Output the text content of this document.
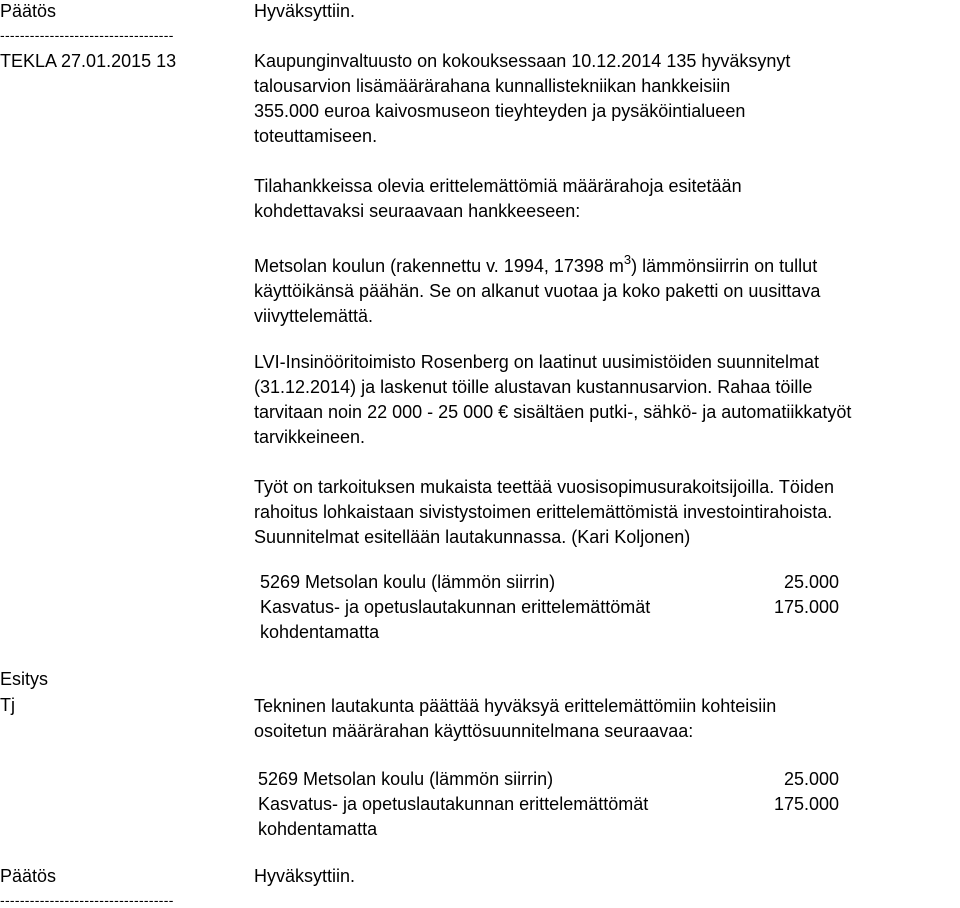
Päätös	Hyväksyttiin.
-----------------------------------
TEKLA 27.01.2015 13	Kaupunginvaltuusto on kokouksessaan 10.12.2014 135 hyväksynyt

talousarvion lisämäärärahana kunnallistekniikan hankkeisiin

355.000 euroa kaivosmuseon tieyhteyden ja pysäköintialueen

toteuttamiseen.

Tilahankkeissa olevia erittelemättömiä määrärahoja esitetään

kohdettavaksi seuraavaan hankkeeseen:

Metsolan koulun (rakennettu v. 1994, 17398 $m^3$) lämmönsiirrin on tullut

käyttöikänsä päähän. Se on alkanut vuotaa ja koko paketti on uusittava

viivyttelemättä.

LVI-Insinööritoimisto Rosenberg on laatinut uusimistöiden suunnitelmat

(31.12.2014) ja laskenut töille alustavan kustannusarvion. Rahaa töille

tarvitaan noin 22 000 - 25 000 € sisältäen putki-, sähkö- ja automatiikkatyöt

tarvikkeineen.

Työt on tarkoituksen mukaista teettää vuosisopimusurakoitsijoilla. Töiden

rahoitus lohkaistaan sivistystoimen erittelemättömistä investointirahoista.

Suunnitelmat esitellään lautakunnassa. (Kari Koljonen)

5269 Metsolan koulu (lämmön siirrin)	25.000
Kasvatus- ja opetuslautakunnan erittelemättömät	175.000
kohdentamatta
Esitys
Tj	Tekninen lautakunta päättää hyväksyä erittelemättömiin kohteisiin

osoitetun määrärahan käyttösuunnitelmana seuraavaa:

5269 Metsolan koulu (lämmön siirrin)	25.000
Kasvatus- ja opetuslautakunnan erittelemättömät	175.000
kohdentamatta
Päätös	Hyväksyttiin.
-----------------------------------
